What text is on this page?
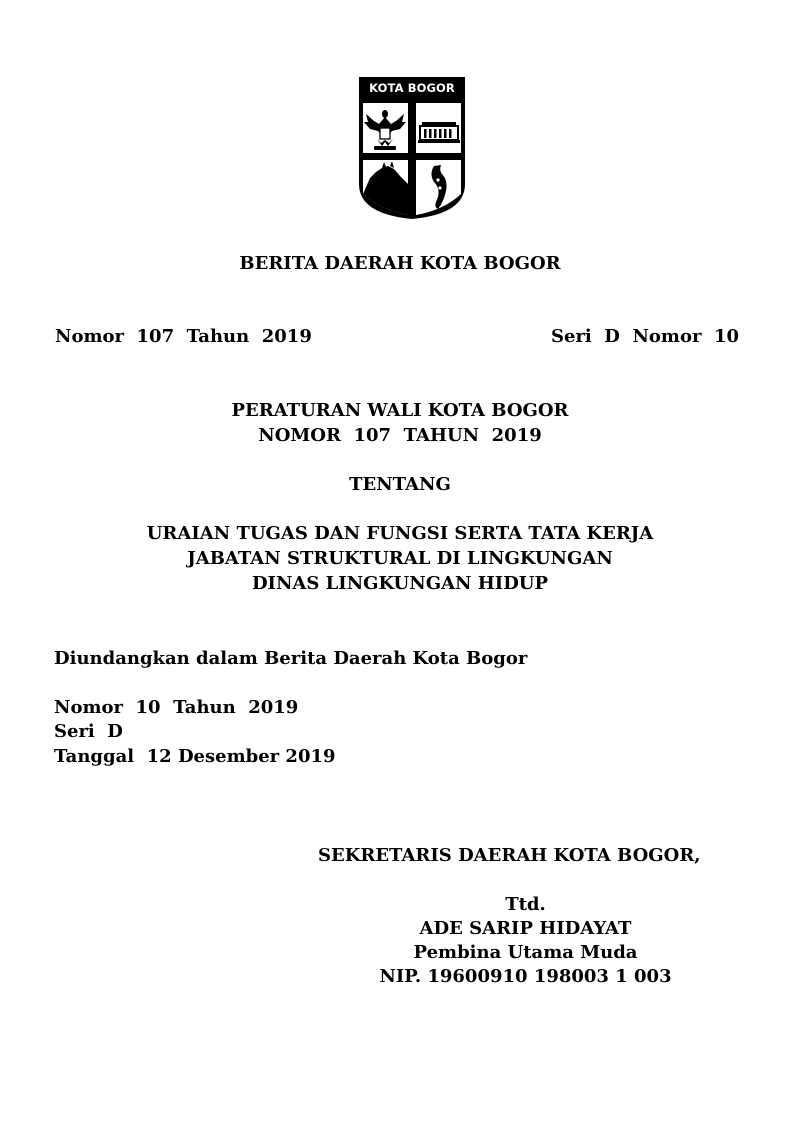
KOTA BOGOR
BERITA DAERAH KOTA BOGOR
Nomor  107  Tahun  2019	Seri  D  Nomor  10
PERATURAN WALI KOTA BOGOR
NOMOR  107  TAHUN  2019
TENTANG
URAIAN TUGAS DAN FUNGSI SERTA TATA KERJA
JABATAN STRUKTURAL DI LINGKUNGAN
DINAS LINGKUNGAN HIDUP
Diundangkan dalam Berita Daerah Kota Bogor
Nomor  10  Tahun  2019
Seri  D
Tanggal  12 Desember 2019
SEKRETARIS DAERAH KOTA BOGOR,
Ttd.
ADE SARIP HIDAYAT
Pembina Utama Muda
NIP. 19600910 198003 1 003
